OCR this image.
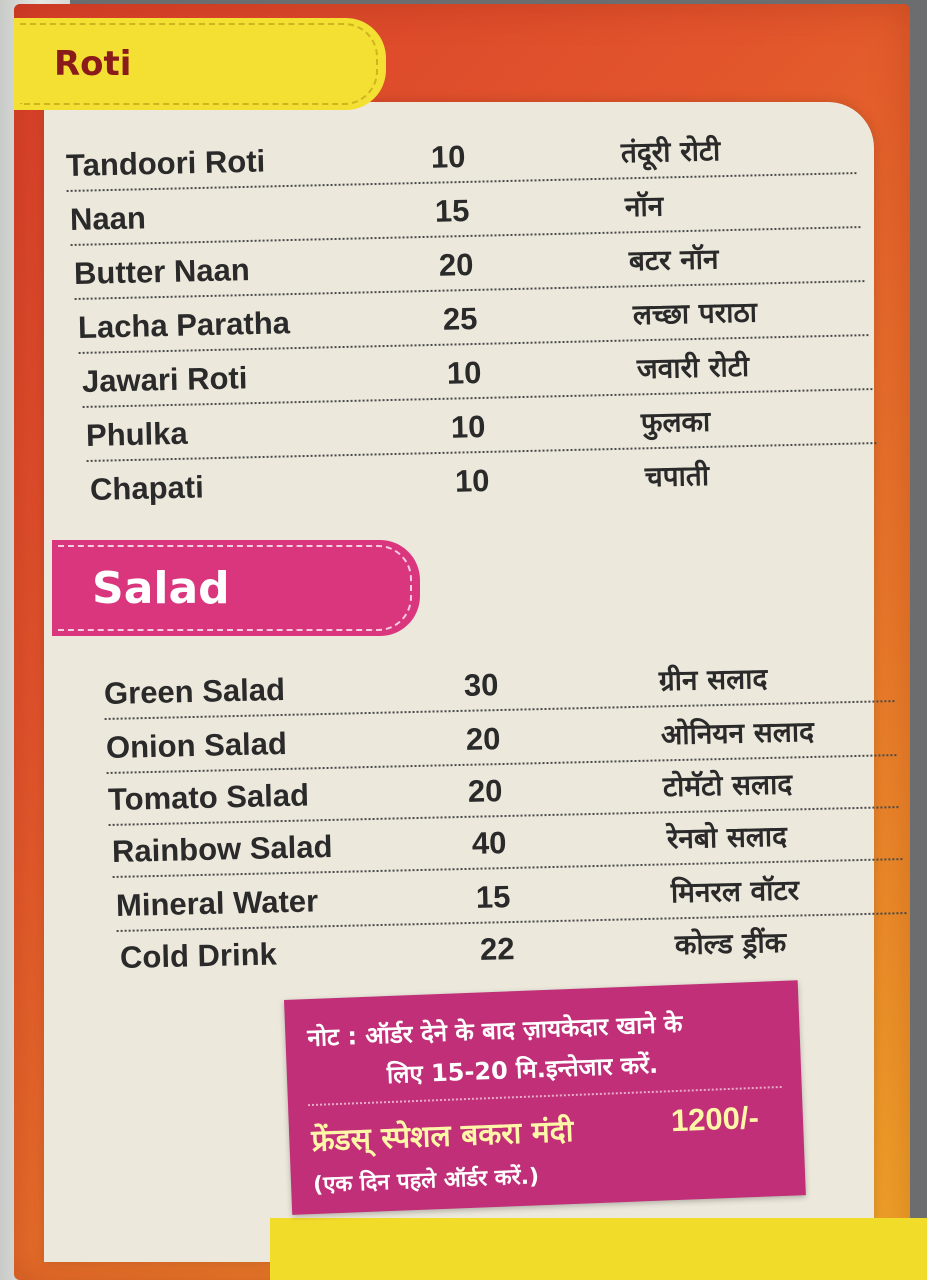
Roti
Tandoori Roti	10	तंदूरी रोटी
Naan	15	नॉन
Butter Naan	20	बटर नॉन
Lacha Paratha	25	लच्छा पराठा
Jawari Roti	10	जवारी रोटी
Phulka	10	फुलका
Chapati	10	चपाती
Salad
Green Salad	30	ग्रीन सलाद
Onion Salad	20	ओनियन सलाद
Tomato Salad	20	टोमॅटो सलाद
Rainbow Salad	40	रेनबो सलाद
Mineral Water	15	मिनरल वॉटर
Cold Drink	22	कोल्ड ड्रींक
नोट : ऑर्डर देने के बाद ज़ायकेदार खाने के
लिए 15-20 मि.इन्तेजार करें.
फ्रेंडस् स्पेशल बकरा मंदी	1200/-
(एक दिन पहले ऑर्डर करें.)
